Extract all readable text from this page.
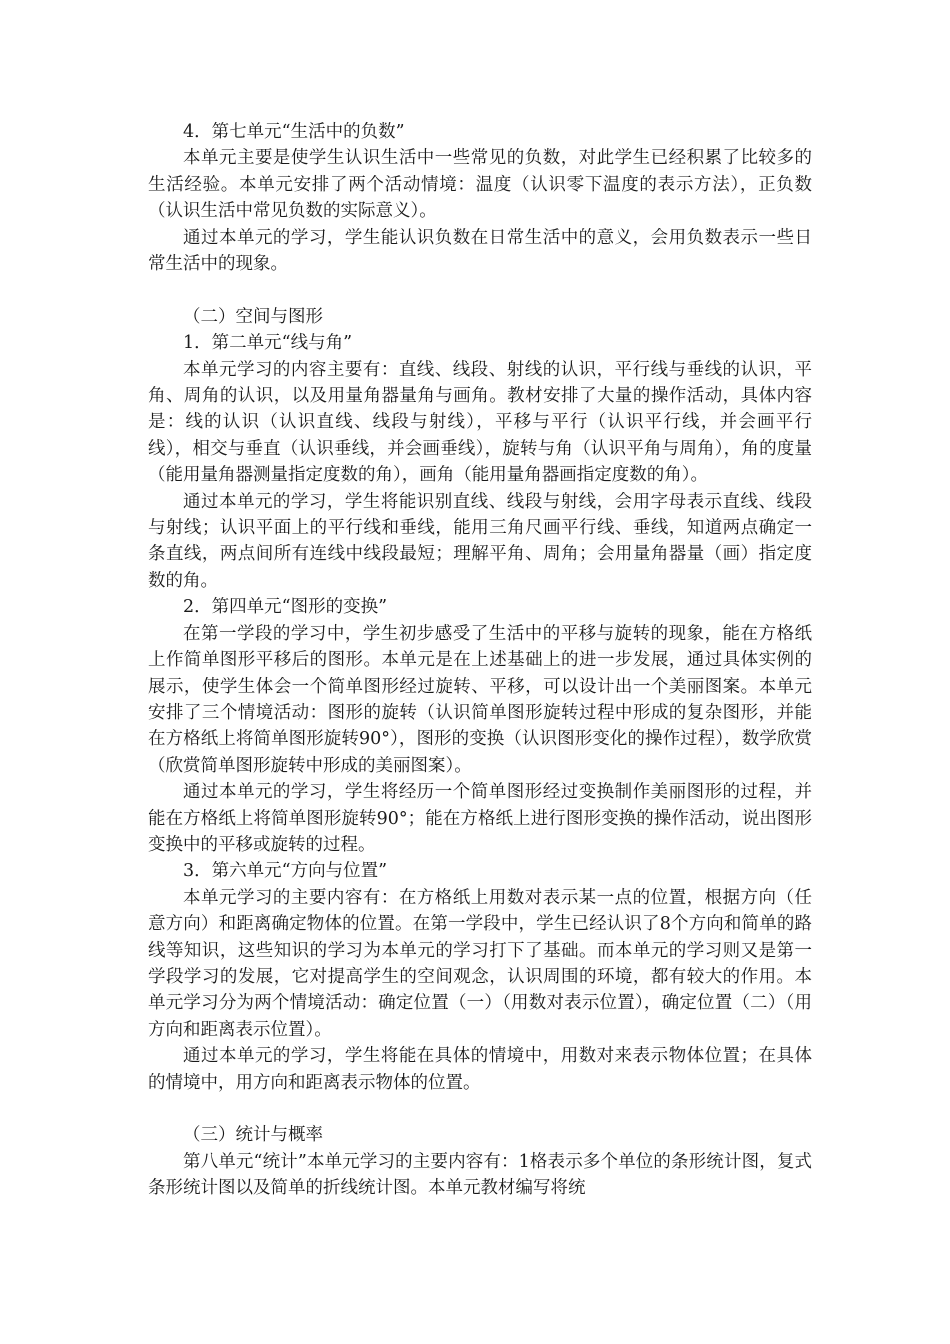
4．第七单元“生活中的负数”

本单元主要是使学生认识生活中一些常见的负数，对此学生已经积累了比较多的生活经验。本单元安排了两个活动情境：温度（认识零下温度的表示方法），正负数（认识生活中常见负数的实际意义）。

通过本单元的学习，学生能认识负数在日常生活中的意义，会用负数表示一些日常生活中的现象。

（二）空间与图形

1．第二单元“线与角”

本单元学习的内容主要有：直线、线段、射线的认识，平行线与垂线的认识，平角、周角的认识，以及用量角器量角与画角。教材安排了大量的操作活动，具体内容是：线的认识（认识直线、线段与射线），平移与平行（认识平行线，并会画平行线），相交与垂直（认识垂线，并会画垂线），旋转与角（认识平角与周角），角的度量（能用量角器测量指定度数的角），画角（能用量角器画指定度数的角）。

通过本单元的学习，学生将能识别直线、线段与射线，会用字母表示直线、线段与射线；认识平面上的平行线和垂线，能用三角尺画平行线、垂线，知道两点确定一条直线，两点间所有连线中线段最短；理解平角、周角；会用量角器量（画）指定度数的角。

2．第四单元“图形的变换”

在第一学段的学习中，学生初步感受了生活中的平移与旋转的现象，能在方格纸上作简单图形平移后的图形。本单元是在上述基础上的进一步发展，通过具体实例的展示，使学生体会一个简单图形经过旋转、平移，可以设计出一个美丽图案。本单元安排了三个情境活动：图形的旋转（认识简单图形旋转过程中形成的复杂图形，并能在方格纸上将简单图形旋转90°），图形的变换（认识图形变化的操作过程），数学欣赏（欣赏简单图形旋转中形成的美丽图案）。

通过本单元的学习，学生将经历一个简单图形经过变换制作美丽图形的过程，并能在方格纸上将简单图形旋转90°；能在方格纸上进行图形变换的操作活动，说出图形变换中的平移或旋转的过程。

3．第六单元“方向与位置”

本单元学习的主要内容有：在方格纸上用数对表示某一点的位置，根据方向（任意方向）和距离确定物体的位置。在第一学段中，学生已经认识了8个方向和简单的路线等知识，这些知识的学习为本单元的学习打下了基础。而本单元的学习则又是第一学段学习的发展，它对提高学生的空间观念，认识周围的环境，都有较大的作用。本单元学习分为两个情境活动：确定位置（一）（用数对表示位置），确定位置（二）（用方向和距离表示位置）。

通过本单元的学习，学生将能在具体的情境中，用数对来表示物体位置；在具体的情境中，用方向和距离表示物体的位置。

（三）统计与概率

第八单元“统计”本单元学习的主要内容有：1格表示多个单位的条形统计图，复式条形统计图以及简单的折线统计图。本单元教材编写将统
